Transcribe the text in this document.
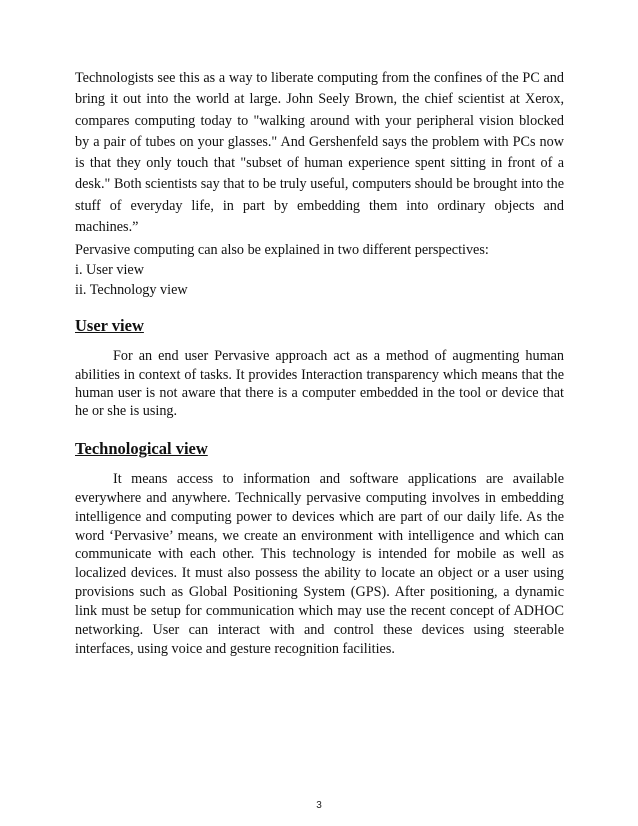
Technologists see this as a way to liberate computing from the confines of the PC and bring it out into the world at large. John Seely Brown, the chief scientist at Xerox, compares computing today to "walking around with your peripheral vision blocked by a pair of tubes on your glasses." And Gershenfeld says the problem with PCs now is that they only touch that "subset of human experience spent sitting in front of a desk." Both scientists say that to be truly useful, computers should be brought into the stuff of everyday life, in part by embedding them into ordinary objects and machines.”

Pervasive computing can also be explained in two different perspectives:

i. User view

ii. Technology view

User view

For an end user Pervasive approach act as a method of augmenting human abilities in context of tasks. It provides Interaction transparency which means that the human user is not aware that there is a computer embedded in the tool or device that he or she is using.

Technological view

It means access to information and software applications are available everywhere and anywhere. Technically pervasive computing involves in embedding intelligence and computing power to devices which are part of our daily life. As the word ‘Pervasive’ means, we create an environment with intelligence and which can communicate with each other. This technology is intended for mobile as well as localized devices. It must also possess the ability to locate an object or a user using provisions such as Global Positioning System (GPS). After positioning, a dynamic link must be setup for communication which may use the recent concept of ADHOC networking. User can interact with and control these devices using steerable interfaces, using voice and gesture recognition facilities.

3
